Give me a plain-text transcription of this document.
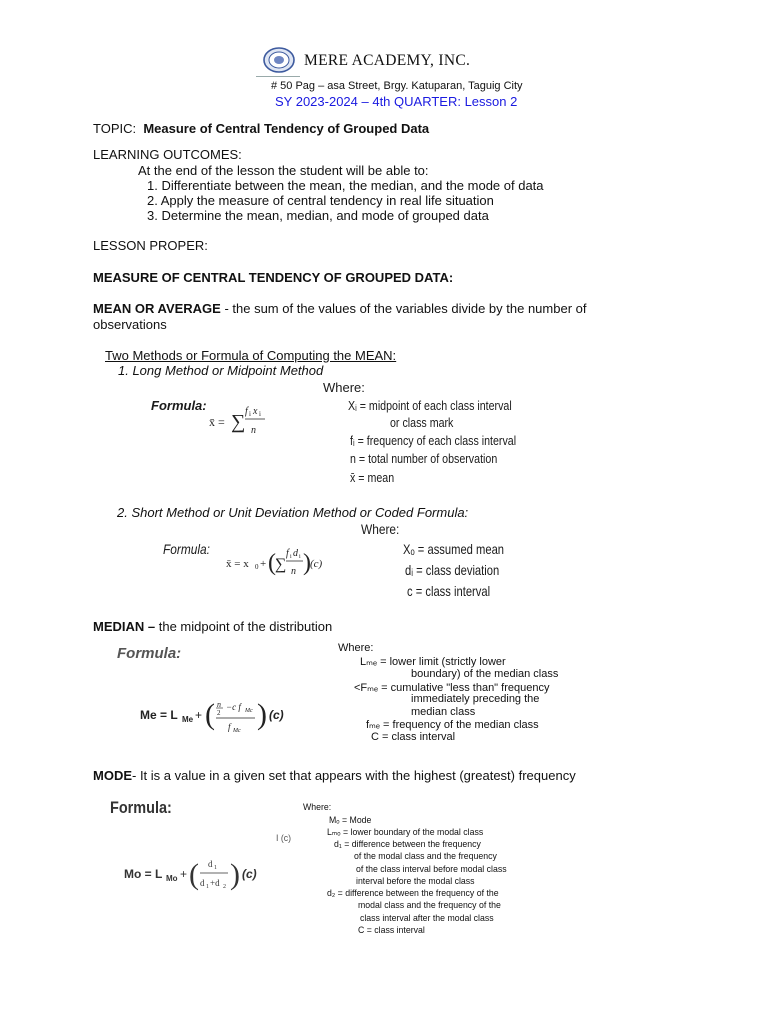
MERE ACADEMY, INC.
# 50 Pag – asa Street, Brgy. Katuparan, Taguig City
SY 2023-2024 – 4th QUARTER: Lesson 2
TOPIC: Measure of Central Tendency of Grouped Data
LEARNING OUTCOMES:
At the end of the lesson the student will be able to:
1. Differentiate between the mean, the median, and the mode of data
2. Apply the measure of central tendency in real life situation
3. Determine the mean, median, and mode of grouped data
LESSON PROPER:
MEASURE OF CENTRAL TENDENCY OF GROUPED DATA:
MEAN OR AVERAGE - the sum of the values of the variables divide by the number of
observations
Two Methods or Formula of Computing the MEAN:
1. Long Method or Midpoint Method
Where:
Formula:
x̄ = ∑ f i x i
n
Xᵢ = midpoint of each class interval
or class mark
fᵢ = frequency of each class interval
n = total number of observation
x̄ = mean
2. Short Method or Unit Deviation Method or Coded Formula:
Where:
Formula:
x̄ = x 0 + ( ∑
f i d i
n ) (c)
Xₒ = assumed mean
dᵢ = class deviation
c = class interval
MEDIAN – the midpoint of the distribution
Formula:
Me = L Me + ( n
2
−c f Mc
f Mc ) (c)
Where:
Lₘₑ = lower limit (strictly lower
boundary) of the median class
<Fₘₑ = cumulative "less than" frequency
immediately preceding the
median class
fₘₑ = frequency of the median class
C = class interval
MODE- It is a value in a given set that appears with the highest (greatest) frequency
Formula:
I (c)
Mo = L Mo + ( d 1
d 1 +d 2 ) (c)
Where:
Mₒ = Mode
Lₘₒ = lower boundary of the modal class
d₁ = difference between the frequency
of the modal class and the frequency
of the class interval before modal class
interval before the modal class
d₂ = difference between the frequency of the
modal class and the frequency of the
class interval after the modal class
C = class interval
